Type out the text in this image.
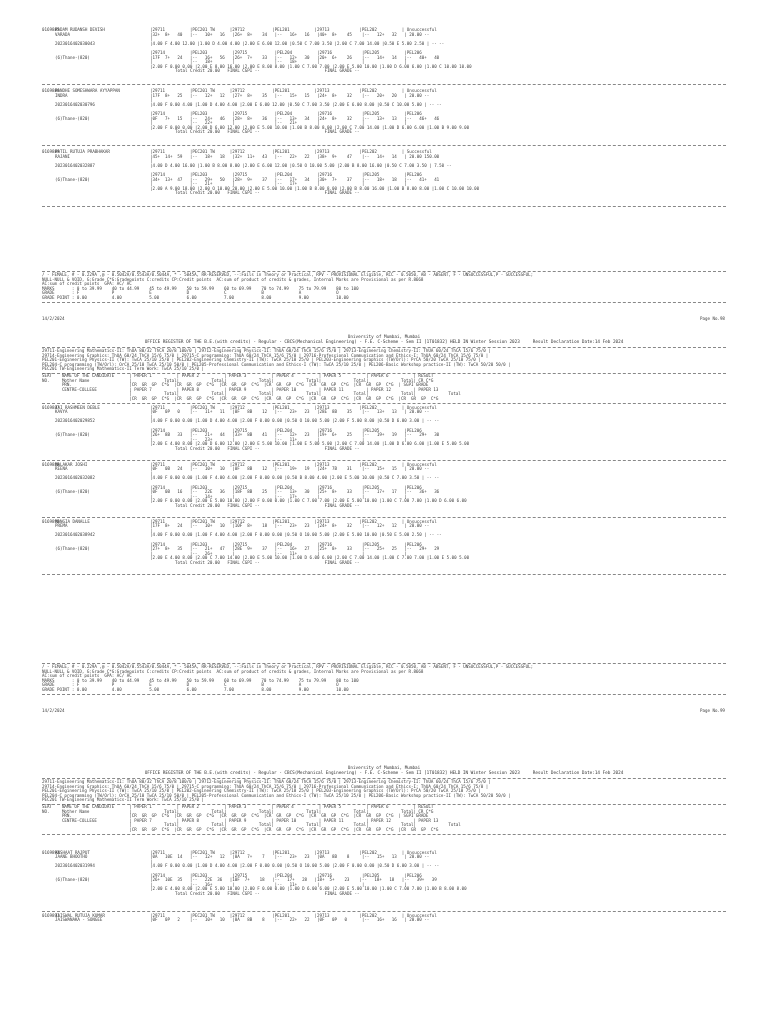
0169885
PADAM RUDANSH DEVISH
VARADA
|29711          |PEC201 TW      |29712           |PEL201          |29713            |PEL202          | Unsuccessful
|32+  8+   40   |--   10+   16   |26+  8+    34   |--   16+   16   |40+  8+    45    |--   12+   32   | 20.00 --
|
|4.00 F 4.00 12.00 |1.00 D 4.00 4.00 |2.00 E 6.00 12.00 |0.50 C 7.00 3.50 |2.00 C 7.00 14.00 |0.50 E 5.00 2.50 | -- --
2023016402030043
(6)Thane-(820)
|29714          |PEL203          |29715           |PEL204          |29716            |PEL205          |PEL206
|17F  7+   24   |--   16+   56   |26+  7+    33   |--   12+   30   |20+  6+    26    |--   14+   14   |--   40+   40
|               |--   18+        |                |--   18+        |                 |                |
|2.00 F 0.00 0.00 |2.00 E 8.00 16.00 |2.00 E 8.00 8.00 |1.00 C 7.00 7.00 |2.00 E 5.00 10.00 |1.00 D 6.00 6.00 |1.00 C 10.00 10.00
Total Credit 20.00   FINAL CGPI --                          FINAL GRADE --
0169886
PANDHE SOMESHWARA AYYAPPAN
INDRA
|29711          |PEC201 TW      |29712           |PEL201          |29713            |PEL202          | Unsuccessful
|17F  8+   25   |--   12+   12   |27+  8+    35   |--   15+   15   |24+  8+    32    |--   20+   20   | 20.00 --
|
|4.00 F 0.00 4.00 |1.00 D 4.00 4.00 |2.00 E 6.00 12.00 |0.50 C 7.00 3.50 |2.00 E 6.00 8.00 |0.50 C 10.00 5.00 | -- --
2023016402030796
(6)Thane-(820)
|29714          |PEL203          |29715           |PEL204          |29716            |PEL205          |PEL206
|0F   7+   15   |--   24+   46   |28+  8+    36   |--   13+   34   |24+  8+    32    |--   13+   13   |--   46+   46
|               |--   22+        |                |--   21+        |                 |                |
|2.00 F 0.00 0.00 |2.00 D 6.00 12.00 |2.00 E 5.00 10.00 |1.00 B 8.00 8.00 |2.00 C 7.00 14.00 |1.00 D 6.00 6.00 |1.00 B 9.00 9.00
Total Credit 20.00   FINAL CGPI --                          FINAL GRADE --
0169889
PATIL RUTUJA PRABHAKAR
RAJANI
|29711          |PEC201 TW      |29712           |PEL201          |29713            |PEL202          | Successful
|45+  14+  59   |--   18+   18   |32+  11+   43   |--   22+   22   |38+  9+    47    |--   14+   14   | 20.00 150.00
|
|4.00 D 4.00 16.00 |1.00 B 8.00 8.00 |2.00 E 6.00 12.00 |0.50 O 10.00 5.00 |2.00 B 8.00 16.00 |0.50 C 7.00 3.50 | 7.50 --
2023016402032887
(6)Thane-(820)
|29714          |PEL203          |29715           |PEL204          |29716            |PEL205          |PEL206
|34+  13+  47   |--   29+   50   |28+  9+    37   |--   17+   34   |30+  7+    37    |--   18+   18   |--   41+   41
|               |--   21+        |                |--   17+        |                 |                |
|2.00 A 9.00 18.00 |2.00 O 10.00 20.00 |2.00 E 5.00 10.00 |1.00 B 8.00 8.00 |2.00 B 8.00 16.00 |1.00 B 8.00 8.00 |1.00 C 10.00 10.00
Total Credit 20.00   FINAL CGPI --                          FINAL GRADE --
/ - FEMALE, # - 0.229A ,@ - 0.5042A/0.5543A/0.5044A, * - 5045A, RR-RESERVED, --:Fails in Theory or Practical, RPV - PROVISIONAL Eligible, RCC - 0.5050, AB - ABSENT, F - UNSUCCESSFUL,P - SUCCESSFUL;
NULL-NULL & VOID, G:Grade C*G:Gradepoints C:credits CP:Credit points  AC:sum of product of credits & grades, Internal Marks are Provisional as per R.8668
AC:sum of credit points  GPA: AC/ AC
MARKS       : 0 to 39.99    40 to 44.99    45 to 49.99    50 to 59.99    60 to 69.99    70 to 74.99    75 to 79.99    80 to 100
GRADE       : F             P              E              D              C              B              A              O
GRADE POINT : 0.00          4.00           5.00           6.00           7.00           8.00           9.00           10.00
14/2/2024	Page No.98
University of Mumbai, Mumbai
OFFICE REGISTER OF THE B.E.(with credits) - Regular - CBCS(Mechanical Engineering) - F.E. C-Scheme - Sem II [1T01832] HELD IN Winter Session 2023     Result Declaration Date:14 Feb 2024
29711-Engineering Mathematics-II: ThUA 80/32 ThCA 20/8 100/0 | 29712-Engineering Physics-II: ThUA 60/24 ThCA 15/6 75/0 | 29713-Engineering Chemistry-II: ThUA 60/24 ThCA 15/6 75/0 |
29714-Engineering Graphics: ThUA 60/24 ThCA 15/6 75/0 | 29715-C programming: ThUA 60/24 ThCA 15/6 75/0 | 29716-Professional Communication and Ethics-I: ThUA 60/24 ThCA 15/6 75/0 |
PEL201-Engineering Physics-II (TW): TwCA 25/10 25/0 | PEL202-Engineering Chemistry-II (TW): TwCA 25/10 25/0 | PEL203-Engineering Graphics (TW/Orl): PrCA 50/20 TwCA 25/10 75/0 |
PEL204-C programming (TW/Orl): OrCA 25/10 TwCA 25/10 50/0 | PEL205-Professional Communication and Ethics-I (TW): TwCA 25/10 25/0 | PEL206-Basic Workshop practice-II (TW): TwCA 50/20 50/0 |
PEC201 TW-Engineering Mathematics-II Term Work: TwCA 25/10 25/0 |
SEAT    NAME OF THE CANDIDATE      | PAPER 1          | PAPER 2          | PAPER 3          | PAPER 4          | PAPER 5          | PAPER 6          | RESULT
NO.     Mother Name                |             Total|             Total|             Total|             Total|             Total|             Total| CR C*G
PRN.                       |CR  GR  GP  C*G  |CR  GR  GP  C*G  |CR  GR  GP  C*G  |CR  GR  GP  C*G  |CR  GR  GP  C*G  |CR  GR  GP  C*G  | SGPI GRADE
CENTRE-COLLEGE             | PAPER 7          | PAPER 8          | PAPER 9          | PAPER 10         | PAPER 11         | PAPER 12         | PAPER 13
|             Total|             Total|             Total|             Total|             Total|             Total|             Total
|CR  GR  GP  C*G  |CR  GR  GP  C*G  |CR  GR  GP  C*G  |CR  GR  GP  C*G  |CR  GR  GP  C*G  |CR  GR  GP  C*G  |CR  GR  GP  C*G
0169887
JAI RASHMEEN DEBLE
KAVYA
|29711          |PEC201 TW      |29712           |PEL201          |29713            |PEL202          | Unsuccessful
|0F   0P   0    |--   11+   11   |0F   8B    12   |--   23+   23   |28E  8B    35    |--   13+   13   | 20.00 --
|
|4.00 F 0.00 0.00 |1.00 D 4.00 4.00 |2.00 F 0.00 0.00 |0.50 O 10.00 5.00 |2.00 F 5.00 8.00 |0.50 D 6.00 3.00 | -- --
2023016402029852
(6)Thane-(820)
|29714          |PEL203          |29715           |PEL204          |29716            |PEL205          |PEL206
|26+  8B   33   |--   21+   44   |33+  8B    41   |--   12+   23   |19+  6+    25    |--   19+   19   |--   29+   30
|               |--   23+        |                |--   11+        |                 |                |
|2.00 E 4.00 8.00 |2.00 D 6.00 12.00 |2.00 E 5.00 10.00 |1.00 E 5.00 5.00 |2.00 C 7.00 14.00 |1.00 D 6.00 6.00 |1.00 E 5.00 5.00
Total Credit 20.00   FINAL CGPI --                          FINAL GRADE --
0169888
MALAKAR JOSHI
REENA
|29711          |PEC201 TW      |29712           |PEL201          |29713            |PEL202          | Unsuccessful
|0F   0B   24   |--   10+   10   |0F   8B    12   |--   19+   19   |24+  7B    31    |--   15+   15   | 20.00 --
|
|4.00 F 0.00 0.00 |1.00 F 4.00 4.00 |2.00 F 0.00 0.00 |0.50 B 8.00 4.00 |2.00 E 5.00 10.00 |0.50 C 7.00 3.50 | -- --
2023016402032082
(6)Thane-(820)
|29714          |PEL203          |29715           |PEL204          |29716            |PEL205          |PEL206
|0F   0B   16   |--   22E   36   |18F  8B    25   |--   13+   30   |25+  8+    33    |--   17+   17   |--   36+   36
|               |--   14+        |                |--   17+        |                 |                |
|2.00 F 0.00 0.00 |2.00 E 5.00 10.00 |2.00 F 0.00 0.00 |1.00 C 7.00 7.00 |2.00 E 5.00 10.00 |1.00 C 7.00 7.00 |1.00 D 6.00 6.00
Total Credit 20.00   FINAL CGPI --                          FINAL GRADE --
0169890
MANGIA DANALLE
PREMA
|29711          |PEC201 TW      |29712           |PEL201          |29713            |PEL202          | Unsuccessful
|17F  8+   24   |--   10+   10   |10F  8+    18   |--   23+   23   |24+  8+    32    |--   12+   12   | 20.00 --
|
|4.00 F 0.00 0.00 |1.00 F 4.00 4.00 |2.00 F 0.00 0.00 |0.50 O 10.00 5.00 |2.00 E 5.00 10.00 |0.50 E 5.00 2.50 | -- --
2023016402038942
(6)Thane-(820)
|29714          |PEL203          |29715           |PEL204          |29716            |PEL205          |PEL206
|27+  8+   35   |--   21+   47   |28E  9+    37   |--   16+   27   |25+  8+    33    |--   25+   25   |--   29+   29
|               |--   26+        |                |--   11+        |                 |                |
|2.00 E 4.00 8.00 |2.00 C 7.00 14.00 |2.00 E 5.00 10.00 |1.00 D 6.00 6.00 |2.00 C 7.00 14.00 |1.00 C 7.00 7.00 |1.00 E 5.00 5.00
Total Credit 20.00   FINAL CGPI --                          FINAL GRADE --
/ - FEMALE, # - 0.229A ,@ - 0.5042A/0.5543A/0.5044A, * - 5045A, RR-RESERVED, --:Fails in Theory or Practical, RPV - PROVISIONAL Eligible, RCC - 0.5050, AB - ABSENT, F - UNSUCCESSFUL,P - SUCCESSFUL;
NULL-NULL & VOID, G:Grade C*G:Gradepoints C:credits CP:Credit points  AC:sum of product of credits & grades, Internal Marks are Provisional as per R.8668
AC:sum of credit points  GPA: AC/ AC
MARKS       : 0 to 39.99    40 to 44.99    45 to 49.99    50 to 59.99    60 to 69.99    70 to 74.99    75 to 79.99    80 to 100
GRADE       : F             P              E              D              C              B              A              O
GRADE POINT : 0.00          4.00           5.00           6.00           7.00           8.00           9.00           10.00
14/2/2024	Page No.99
University of Mumbai, Mumbai
OFFICE REGISTER OF THE B.E.(with credits) - Regular - CBCS(Mechanical Engineering) - F.E. C-Scheme - Sem II [1T01832] HELD IN Winter Session 2023     Result Declaration Date:14 Feb 2024
29711-Engineering Mathematics-II: ThUA 80/32 ThCA 20/8 100/0 | 29712-Engineering Physics-II: ThUA 60/24 ThCA 15/6 75/0 | 29713-Engineering Chemistry-II: ThUA 60/24 ThCA 15/6 75/0 |
29714-Engineering Graphics: ThUA 60/24 ThCA 15/6 75/0 | 29715-C programming: ThUA 60/24 ThCA 15/6 75/0 | 29716-Professional Communication and Ethics-I: ThUA 60/24 ThCA 15/6 75/0 |
PEL201-Engineering Physics-II (TW): TwCA 25/10 25/0 | PEL202-Engineering Chemistry-II (TW): TwCA 25/10 25/0 | PEL203-Engineering Graphics (TW/Orl): PrCA 50/20 TwCA 25/10 75/0 |
PEL204-C programming (TW/Orl): OrCA 25/10 TwCA 25/10 50/0 | PEL205-Professional Communication and Ethics-I (TW): TwCA 25/10 25/0 | PEL206-Basic Workshop practice-II (TW): TwCA 50/20 50/0 |
PEC201 TW-Engineering Mathematics-II Term Work: TwCA 25/10 25/0 |
SEAT    NAME OF THE CANDIDATE      | PAPER 1          | PAPER 2          | PAPER 3          | PAPER 4          | PAPER 5          | PAPER 6          | RESULT
NO.     Mother Name                |             Total|             Total|             Total|             Total|             Total|             Total| CR C*G
PRN.                       |CR  GR  GP  C*G  |CR  GR  GP  C*G  |CR  GR  GP  C*G  |CR  GR  GP  C*G  |CR  GR  GP  C*G  |CR  GR  GP  C*G  | SGPI GRADE
CENTRE-COLLEGE             | PAPER 7          | PAPER 8          | PAPER 9          | PAPER 10         | PAPER 11         | PAPER 12         | PAPER 13
|             Total|             Total|             Total|             Total|             Total|             Total|             Total
|CR  GR  GP  C*G  |CR  GR  GP  C*G  |CR  GR  GP  C*G  |CR  GR  GP  C*G  |CR  GR  GP  C*G  |CR  GR  GP  C*G  |CR  GR  GP  C*G
0169893
ANSHAAT RAJPUT
JAANE BHOOTHO
|29711          |PEC201 TW      |29712           |PEL201          |29713            |PEL202          | Unsuccessful
|0A   10E  14   |--   12+   12   |0A   7+    7    |--   23+   23   |0A   8B    8     |--   15+   13   | 20.00 --
|
|4.00 F 0.00 0.00 |1.00 D 4.00 4.00 |2.00 F 0.00 0.00 |0.50 O 10.00 5.00 |2.00 F 0.00 0.00 |0.50 D 6.00 3.00 | -- --
2023016402031994
(6)Thane-(820)
|29714          |PEL203          |29715           |PEL204          |29716            |PEL205          |PEL206
|26+  10E  35   |--   22E  36   |10F  7+    18   |--   17+   28   |18+  5+    23    |--   18+   18   |--   39+   39
|               |--   16+        |                |--   11+        |                 |                |
|2.00 E 4.00 8.00 |2.00 E 5.00 10.00 |2.00 F 0.00 0.00 |1.00 D 6.00 6.00 |2.00 E 5.00 10.00 |1.00 C 7.00 7.00 |1.00 B 8.00 8.00
Total Credit 20.00   FINAL CGPI --                          FINAL GRADE --
0169891
JAISWAL RUTUJA KUMAR
JAISWANAKA - SONGEE
|29711          |PEC201 TW      |29712           |PEL201          |29713            |PEL202          | Unsuccessful
|0F   0P   2    |--   10+   10   |0A   8B    8    |--   22+   22   |0F   0P   0      |--   16+   16   | 20.00 --
